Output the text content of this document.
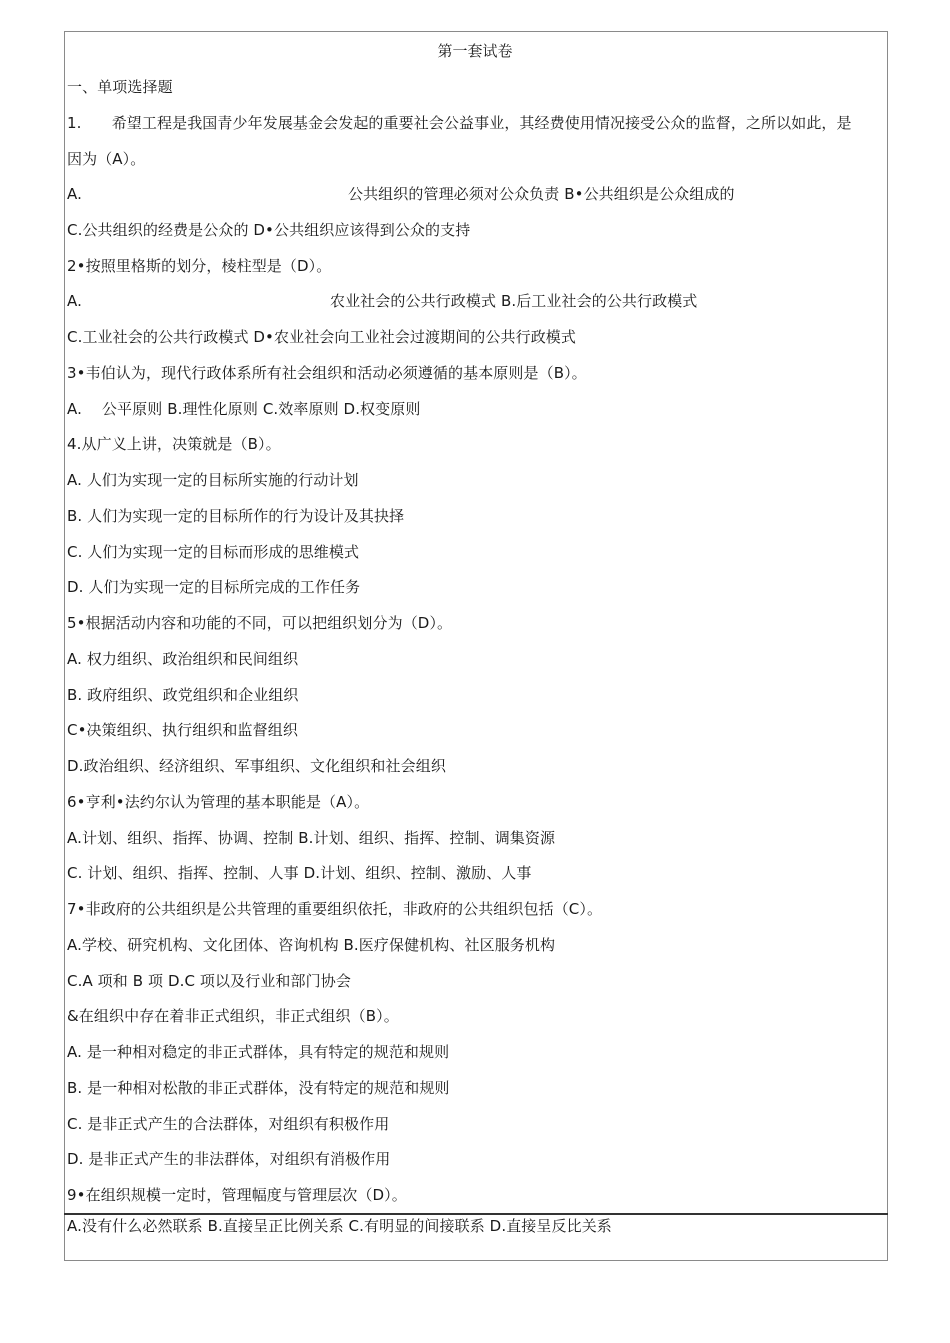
第一套试卷
一、单项选择题
1.　　希望工程是我国青少年发展基金会发起的重要社会公益事业，其经费使用情况接受公众的监督，之所以如此，是
因为（A）。
A.	公共组织的管理必须对公众负责 B•公共组织是公众组成的
C.公共组织的经费是公众的 D•公共组织应该得到公众的支持
2•按照里格斯的划分，棱柱型是（D）。
A.	农业社会的公共行政模式 B.后工业社会的公共行政模式
C.工业社会的公共行政模式 D•农业社会向工业社会过渡期间的公共行政模式
3•韦伯认为，现代行政体系所有社会组织和活动必须遵循的基本原则是（B）。
A.　 公平原则 B.理性化原则 C.效率原则 D.权变原则
4.从广义上讲，决策就是（B）。
A. 人们为实现一定的目标所实施的行动计划
B. 人们为实现一定的目标所作的行为设计及其抉择
C. 人们为实现一定的目标而形成的思维模式
D. 人们为实现一定的目标所完成的工作任务
5•根据活动内容和功能的不同，可以把组织划分为（D）。
A. 权力组织、政治组织和民间组织
B. 政府组织、政党组织和企业组织
C•决策组织、执行组织和监督组织
D.政治组织、经济组织、军事组织、文化组织和社会组织
6•亨利•法约尔认为管理的基本职能是（A）。
A.计划、组织、指挥、协调、控制 B.计划、组织、指挥、控制、调集资源
C. 计划、组织、指挥、控制、人事 D.计划、组织、控制、激励、人事
7•非政府的公共组织是公共管理的重要组织依托，非政府的公共组织包括（C）。
A.学校、研究机构、文化团体、咨询机构 B.医疗保健机构、社区服务机构
C.A 项和 B 项 D.C 项以及行业和部门协会
&在组织中存在着非正式组织，非正式组织（B）。
A. 是一种相对稳定的非正式群体，具有特定的规范和规则
B. 是一种相对松散的非正式群体，没有特定的规范和规则
C. 是非正式产生的合法群体，对组织有积极作用
D. 是非正式产生的非法群体，对组织有消极作用
9•在组织规模一定时，管理幅度与管理层次（D）。
A.没有什么必然联系 B.直接呈正比例关系 C.有明显的间接联系 D.直接呈反比关系
